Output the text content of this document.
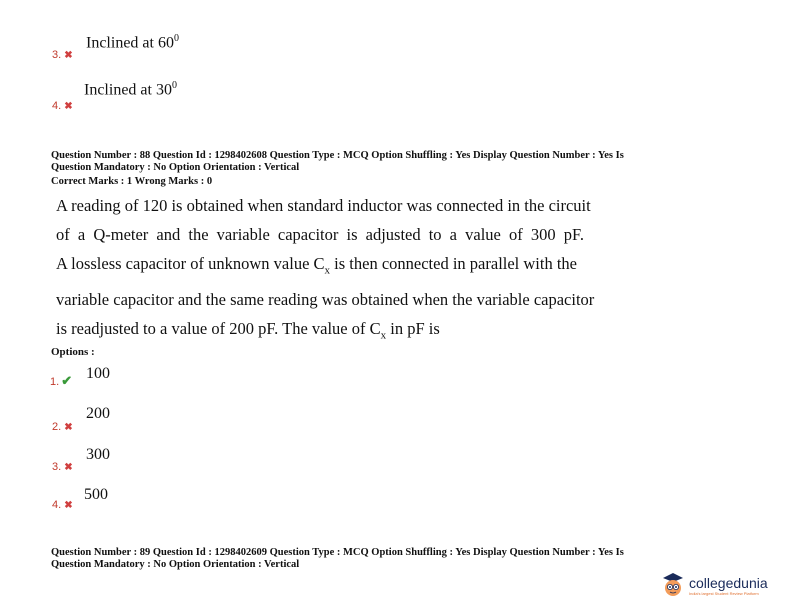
3. ✖
Inclined at $60^0$
4. ✖
Inclined at $30^0$
Question Number : 88 Question Id : 1298402608 Question Type : MCQ Option Shuffling : Yes Display Question Number : Yes Is
Question Mandatory : No Option Orientation : Vertical
Correct Marks : 1 Wrong Marks : 0
A reading of 120 is obtained when standard inductor was connected in the circuit
of a Q-meter and the variable capacitor is adjusted to a value of 300 pF.
A lossless capacitor of unknown value $C_x$ is then connected in parallel with the
variable capacitor and the same reading was obtained when the variable capacitor
is readjusted to a value of 200 pF. The value of $C_x$ in pF is
Options :
1. ✔ 100
2. ✖
200
3. ✖
300
4. ✖
500
Question Number : 89 Question Id : 1298402609 Question Type : MCQ Option Shuffling : Yes Display Question Number : Yes Is
Question Mandatory : No Option Orientation : Vertical
collegedunia
India's largest Student Review Platform
